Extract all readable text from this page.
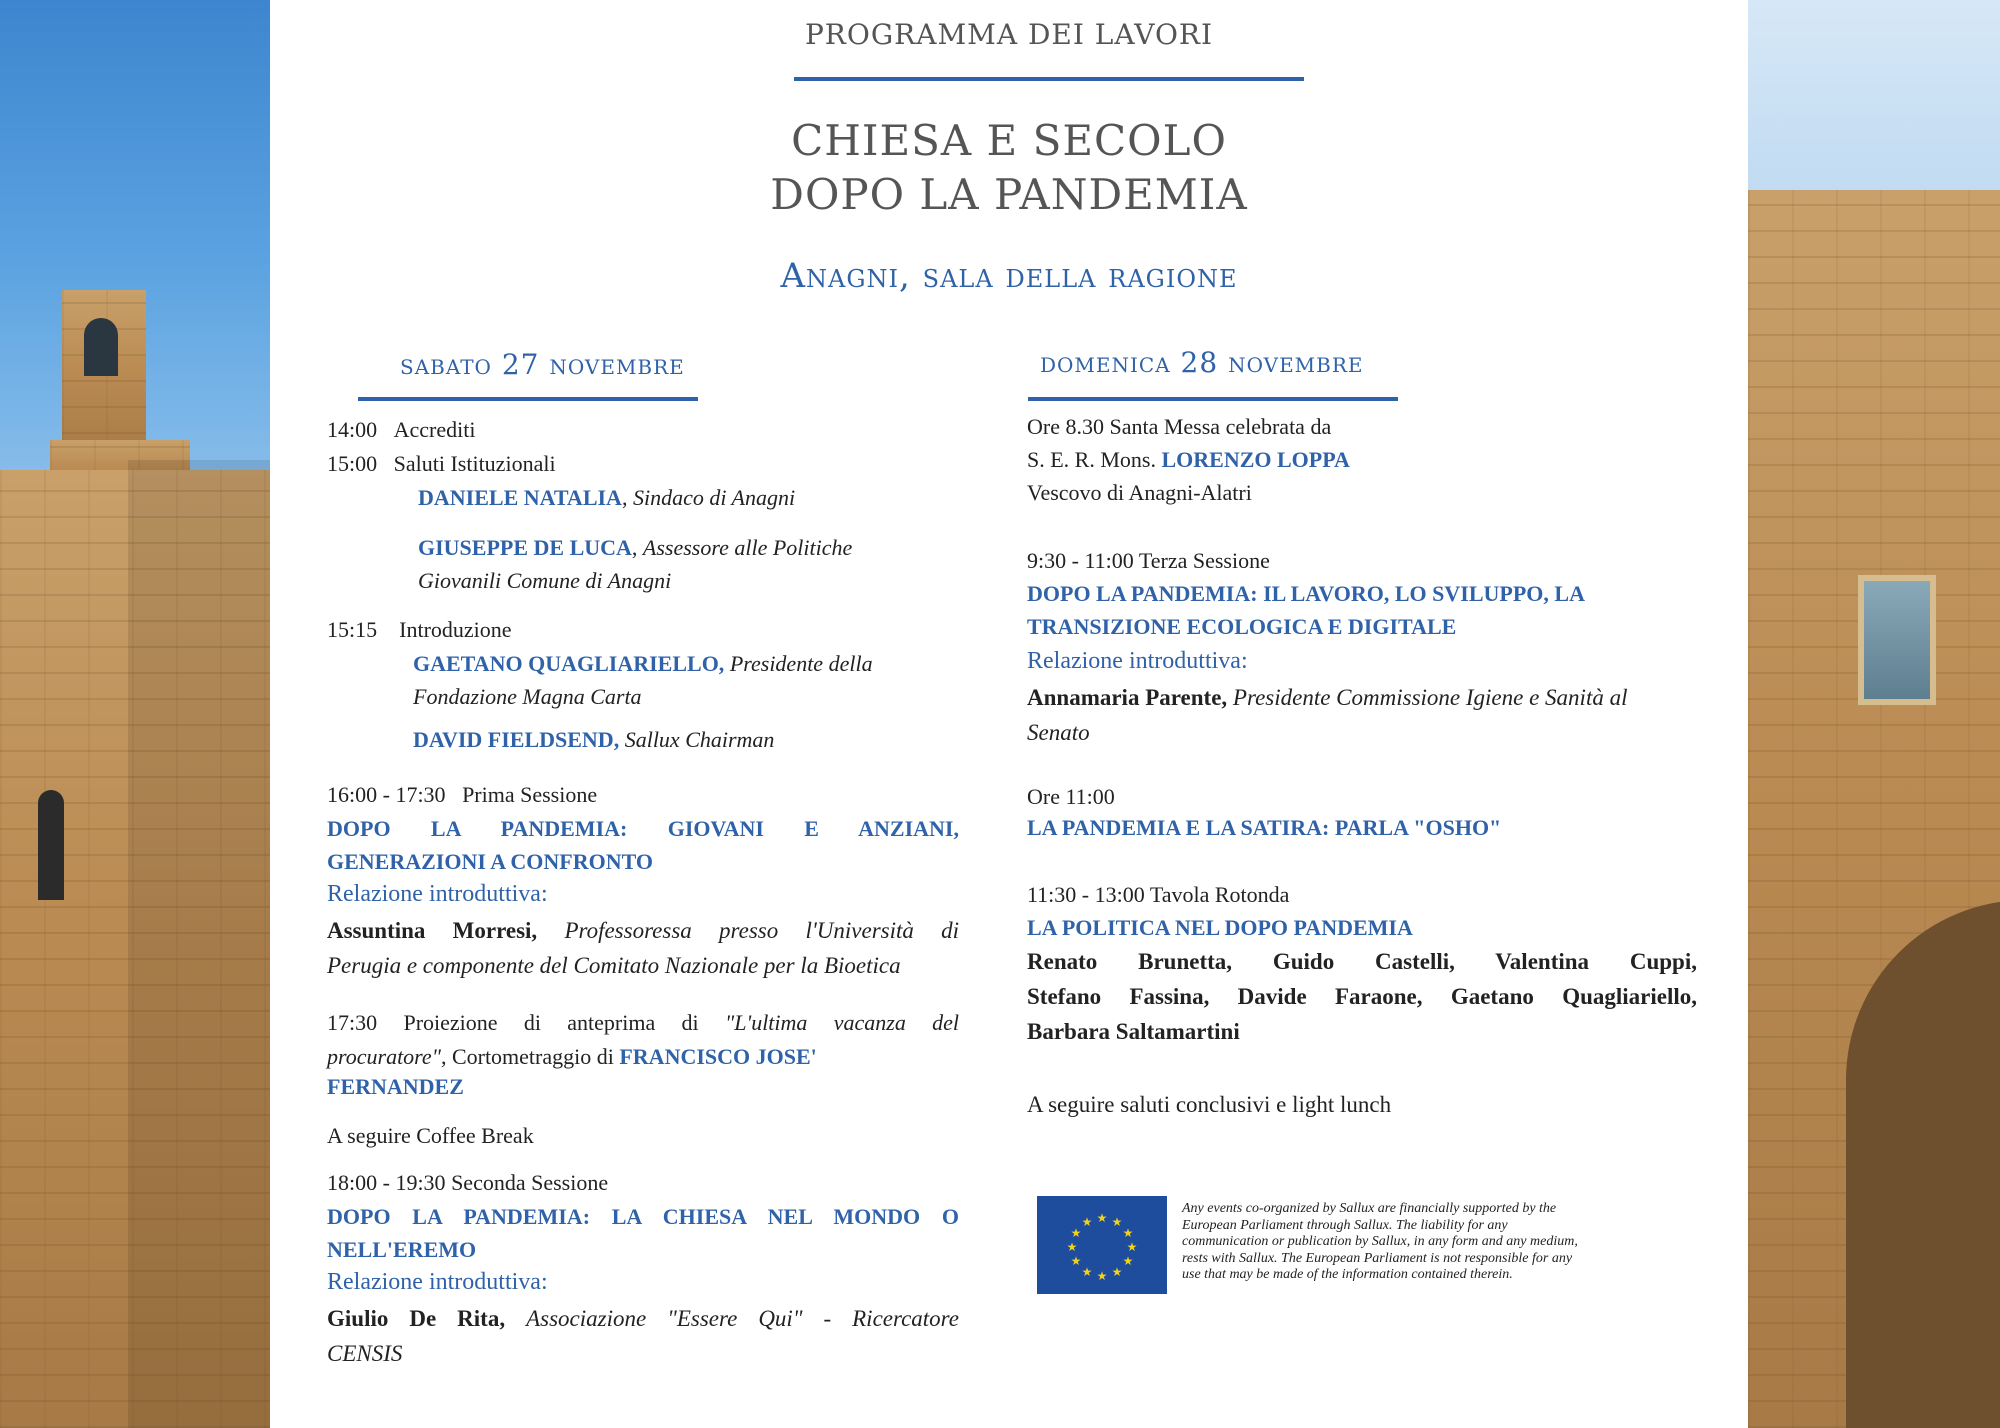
PROGRAMMA DEI LAVORI
CHIESA E SECOLO
DOPO LA PANDEMIA
Anagni, sala della ragione
sabato 27 novembre
14:00 Accrediti
15:00 Saluti Istituzionali
DANIELE NATALIA, Sindaco di Anagni
GIUSEPPE DE LUCA, Assessore alle Politiche
Giovanili Comune di Anagni
15:15 Introduzione
GAETANO QUAGLIARIELLO, Presidente della
Fondazione Magna Carta
DAVID FIELDSEND, Sallux Chairman
16:00 - 17:30 Prima Sessione
DOPO LA PANDEMIA: GIOVANI E ANZIANI,
GENERAZIONI A CONFRONTO
Relazione introduttiva:
Assuntina Morresi, Professoressa presso l'Università di
Perugia e componente del Comitato Nazionale per la Bioetica
17:30 Proiezione di anteprima di "L'ultima vacanza del
procuratore", Cortometraggio di FRANCISCO JOSE'
FERNANDEZ
A seguire Coffee Break
18:00 - 19:30 Seconda Sessione
DOPO LA PANDEMIA: LA CHIESA NEL MONDO O
NELL'EREMO
Relazione introduttiva:
Giulio De Rita, Associazione "Essere Qui" - Ricercatore
CENSIS
domenica 28 novembre
Ore 8.30 Santa Messa celebrata da
S. E. R. Mons. LORENZO LOPPA
Vescovo di Anagni-Alatri
9:30 - 11:00 Terza Sessione
DOPO LA PANDEMIA: IL LAVORO, LO SVILUPPO, LA
TRANSIZIONE ECOLOGICA E DIGITALE
Relazione introduttiva:
Annamaria Parente, Presidente Commissione Igiene e Sanità al
Senato
Ore 11:00
LA PANDEMIA E LA SATIRA: PARLA "OSHO"
11:30 - 13:00 Tavola Rotonda
LA POLITICA NEL DOPO PANDEMIA
Renato Brunetta, Guido Castelli, Valentina Cuppi,
Stefano Fassina, Davide Faraone, Gaetano Quagliariello,
Barbara Saltamartini
A seguire saluti conclusivi e light lunch
★ ★
★
★
★
★
★
★
★
★
★
★
Any events co-organized by Sallux are financially supported by the
European Parliament through Sallux. The liability for any
communication or publication by Sallux, in any form and any medium,
rests with Sallux. The European Parliament is not responsible for any
use that may be made of the information contained therein.
